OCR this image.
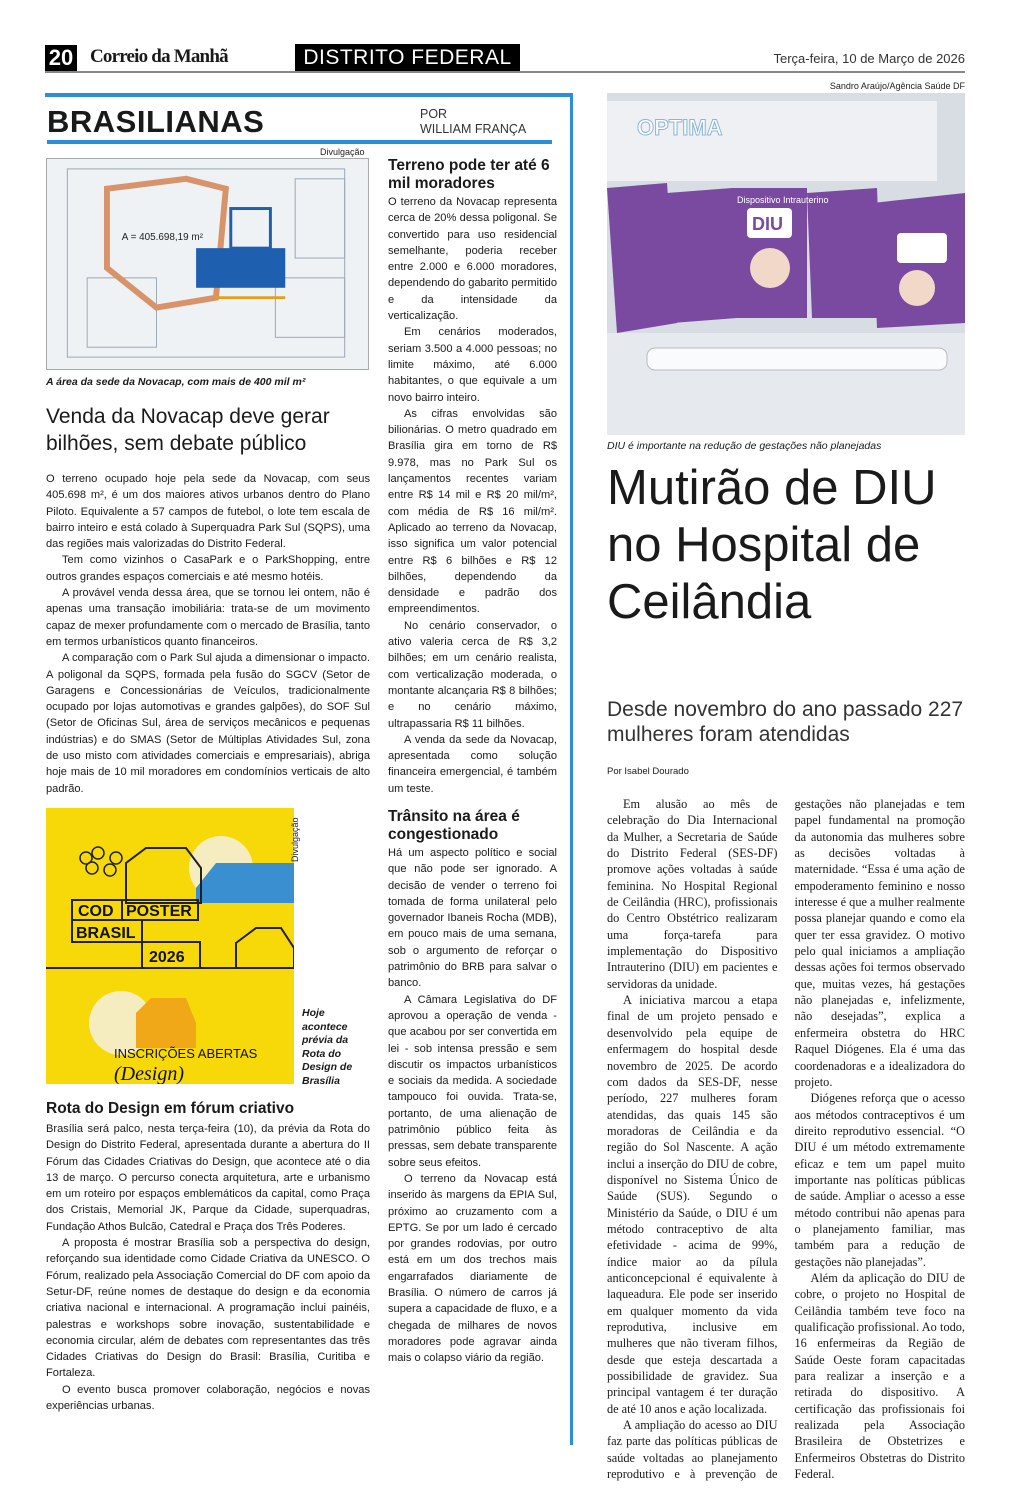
20 Correio da Manhã	DISTRITO FEDERAL	Terça-feira, 10 de Março de 2026
BRASILIANAS	POR
WILLIAM FRANÇA
Divulgação
A = 405.698,19 m²
A área da sede da Novacap, com mais de 400 mil m²
Venda da Novacap deve gerar bilhões, sem debate público

O terreno ocupado hoje pela sede da Novacap, com seus 405.698 m², é um dos maiores ativos urbanos dentro do Plano Piloto. Equivalente a 57 campos de futebol, o lote tem escala de bairro inteiro e está colado à Superquadra Park Sul (SQPS), uma das regiões mais valorizadas do Distrito Federal.

Tem como vizinhos o CasaPark e o ParkShopping, entre outros grandes espaços comerciais e até mesmo hotéis.

A provável venda dessa área, que se tornou lei ontem, não é apenas uma transação imobiliária: trata-se de um movimento capaz de mexer profundamente com o mercado de Brasília, tanto em termos urbanísticos quanto financeiros.

A comparação com o Park Sul ajuda a dimensionar o impacto. A poligonal da SQPS, formada pela fusão do SGCV (Setor de Garagens e Concessionárias de Veículos, tradicionalmente ocupado por lojas automotivas e grandes galpões), do SOF Sul (Setor de Oficinas Sul, área de serviços mecânicos e pequenas indústrias) e do SMAS (Setor de Múltiplas Atividades Sul, zona de uso misto com atividades comerciais e empresariais), abriga hoje mais de 10 mil moradores em condomínios verticais de alto padrão.

COD POSTER
BRASIL
2026
INSCRIÇÕES ABERTAS
(Design)
Divulgação
Hoje acontece prévia da Rota do Design de Brasília
Rota do Design em fórum criativo

Brasília será palco, nesta terça-feira (10), da prévia da Rota do Design do Distrito Federal, apresentada durante a abertura do II Fórum das Cidades Criativas do Design, que acontece até o dia 13 de março. O percurso conecta arquitetura, arte e urbanismo em um roteiro por espaços emblemáticos da capital, como Praça dos Cristais, Memorial JK, Parque da Cidade, superquadras, Fundação Athos Bulcão, Catedral e Praça dos Três Poderes.

A proposta é mostrar Brasília sob a perspectiva do design, reforçando sua identidade como Cidade Criativa da UNESCO. O Fórum, realizado pela Associação Comercial do DF com apoio da Setur-DF, reúne nomes de destaque do design e da economia criativa nacional e internacional. A programação inclui painéis, palestras e workshops sobre inovação, sustentabilidade e economia circular, além de debates com representantes das três Cidades Criativas do Design do Brasil: Brasília, Curitiba e Fortaleza.

O evento busca promover colaboração, negócios e novas experiências urbanas.

Terreno pode ter até 6 mil moradores

O terreno da Novacap representa cerca de 20% dessa poligonal. Se convertido para uso residencial semelhante, poderia receber entre 2.000 e 6.000 moradores, dependendo do gabarito permitido e da intensidade da verticalização.

Em cenários moderados, seriam 3.500 a 4.000 pessoas; no limite máximo, até 6.000 habitantes, o que equivale a um novo bairro inteiro.

As cifras envolvidas são bilionárias. O metro quadrado em Brasília gira em torno de R$ 9.978, mas no Park Sul os lançamentos recentes variam entre R$ 14 mil e R$ 20 mil/m², com média de R$ 16 mil/m². Aplicado ao terreno da Novacap, isso significa um valor potencial entre R$ 6 bilhões e R$ 12 bilhões, dependendo da densidade e padrão dos empreendimentos.

No cenário conservador, o ativo valeria cerca de R$ 3,2 bilhões; em um cenário realista, com verticalização moderada, o montante alcançaria R$ 8 bilhões; e no cenário máximo, ultrapassaria R$ 11 bilhões.

A venda da sede da Novacap, apresentada como solução financeira emergencial, é também um teste.

Trânsito na área é congestionado

Há um aspecto político e social que não pode ser ignorado. A decisão de vender o terreno foi tomada de forma unilateral pelo governador Ibaneis Rocha (MDB), em pouco mais de uma semana, sob o argumento de reforçar o patrimônio do BRB para salvar o banco.

A Câmara Legislativa do DF aprovou a operação de venda -que acabou por ser convertida em lei - sob intensa pressão e sem discutir os impactos urbanísticos e sociais da medida. A sociedade tampouco foi ouvida. Trata-se, portanto, de uma alienação de patrimônio público feita às pressas, sem debate transparente sobre seus efeitos.

O terreno da Novacap está inserido às margens da EPIA Sul, próximo ao cruzamento com a EPTG. Se por um lado é cercado por grandes rodovias, por outro está em um dos trechos mais engarrafados diariamente de Brasília. O número de carros já supera a capacidade de fluxo, e a chegada de milhares de novos moradores pode agravar ainda mais o colapso viário da região.

Sandro Araújo/Agência Saúde DF
OPTIMA
DIU
Dispositivo Intrauterino
DIU é importante na redução de gestações não planejadas
Mutirão de DIU no Hospital de Ceilândia
Desde novembro do ano passado 227 mulheres foram atendidas
Por Isabel Dourado

Em alusão ao mês de celebração do Dia Internacional da Mulher, a Secretaria de Saúde do Distrito Federal (SES-DF) promove ações voltadas à saúde feminina. No Hospital Regional de Ceilândia (HRC), profissionais do Centro Obstétrico realizaram uma força-tarefa para implementação do Dispositivo Intrauterino (DIU) em pacientes e servidoras da unidade.

A iniciativa marcou a etapa final de um projeto pensado e desenvolvido pela equipe de enfermagem do hospital desde novembro de 2025. De acordo com dados da SES-DF, nesse período, 227 mulheres foram atendidas, das quais 145 são moradoras de Ceilândia e da região do Sol Nascente. A ação inclui a inserção do DIU de cobre, disponível no Sistema Único de Saúde (SUS). Segundo o Ministério da Saúde, o DIU é um método contraceptivo de alta efetividade - acima de 99%, índice maior ao da pílula anticoncepcional é equivalente à laqueadura. Ele pode ser inserido em qualquer momento da vida reprodutiva, inclusive em mulheres que não tiveram filhos, desde que esteja descartada a possibilidade de gravidez. Sua principal vantagem é ter duração de até 10 anos e ação localizada.

A ampliação do acesso ao DIU faz parte das políticas públicas de saúde voltadas ao planejamento reprodutivo e à prevenção de gestações não planejadas e tem papel fundamental na promoção da autonomia das mulheres sobre as decisões voltadas à maternidade. “Essa é uma ação de empoderamento feminino e nosso interesse é que a mulher realmente possa planejar quando e como ela quer ter essa gravidez. O motivo pelo qual iniciamos a ampliação dessas ações foi termos observado que, muitas vezes, há gestações não planejadas e, infelizmente, não desejadas”, explica a enfermeira obstetra do HRC Raquel Diógenes. Ela é uma das coordenadoras e a idealizadora do projeto.

Diógenes reforça que o acesso aos métodos contraceptivos é um direito reprodutivo essencial. “O DIU é um método extremamente eficaz e tem um papel muito importante nas políticas públicas de saúde. Ampliar o acesso a esse método contribui não apenas para o planejamento familiar, mas também para a redução de gestações não planejadas”.

Além da aplicação do DIU de cobre, o projeto no Hospital de Ceilândia também teve foco na qualificação profissional. Ao todo, 16 enfermeiras da Região de Saúde Oeste foram capacitadas para realizar a inserção e a retirada do dispositivo. A certificação das profissionais foi realizada pela Associação Brasileira de Obstetrizes e Enfermeiros Obstetras do Distrito Federal.
